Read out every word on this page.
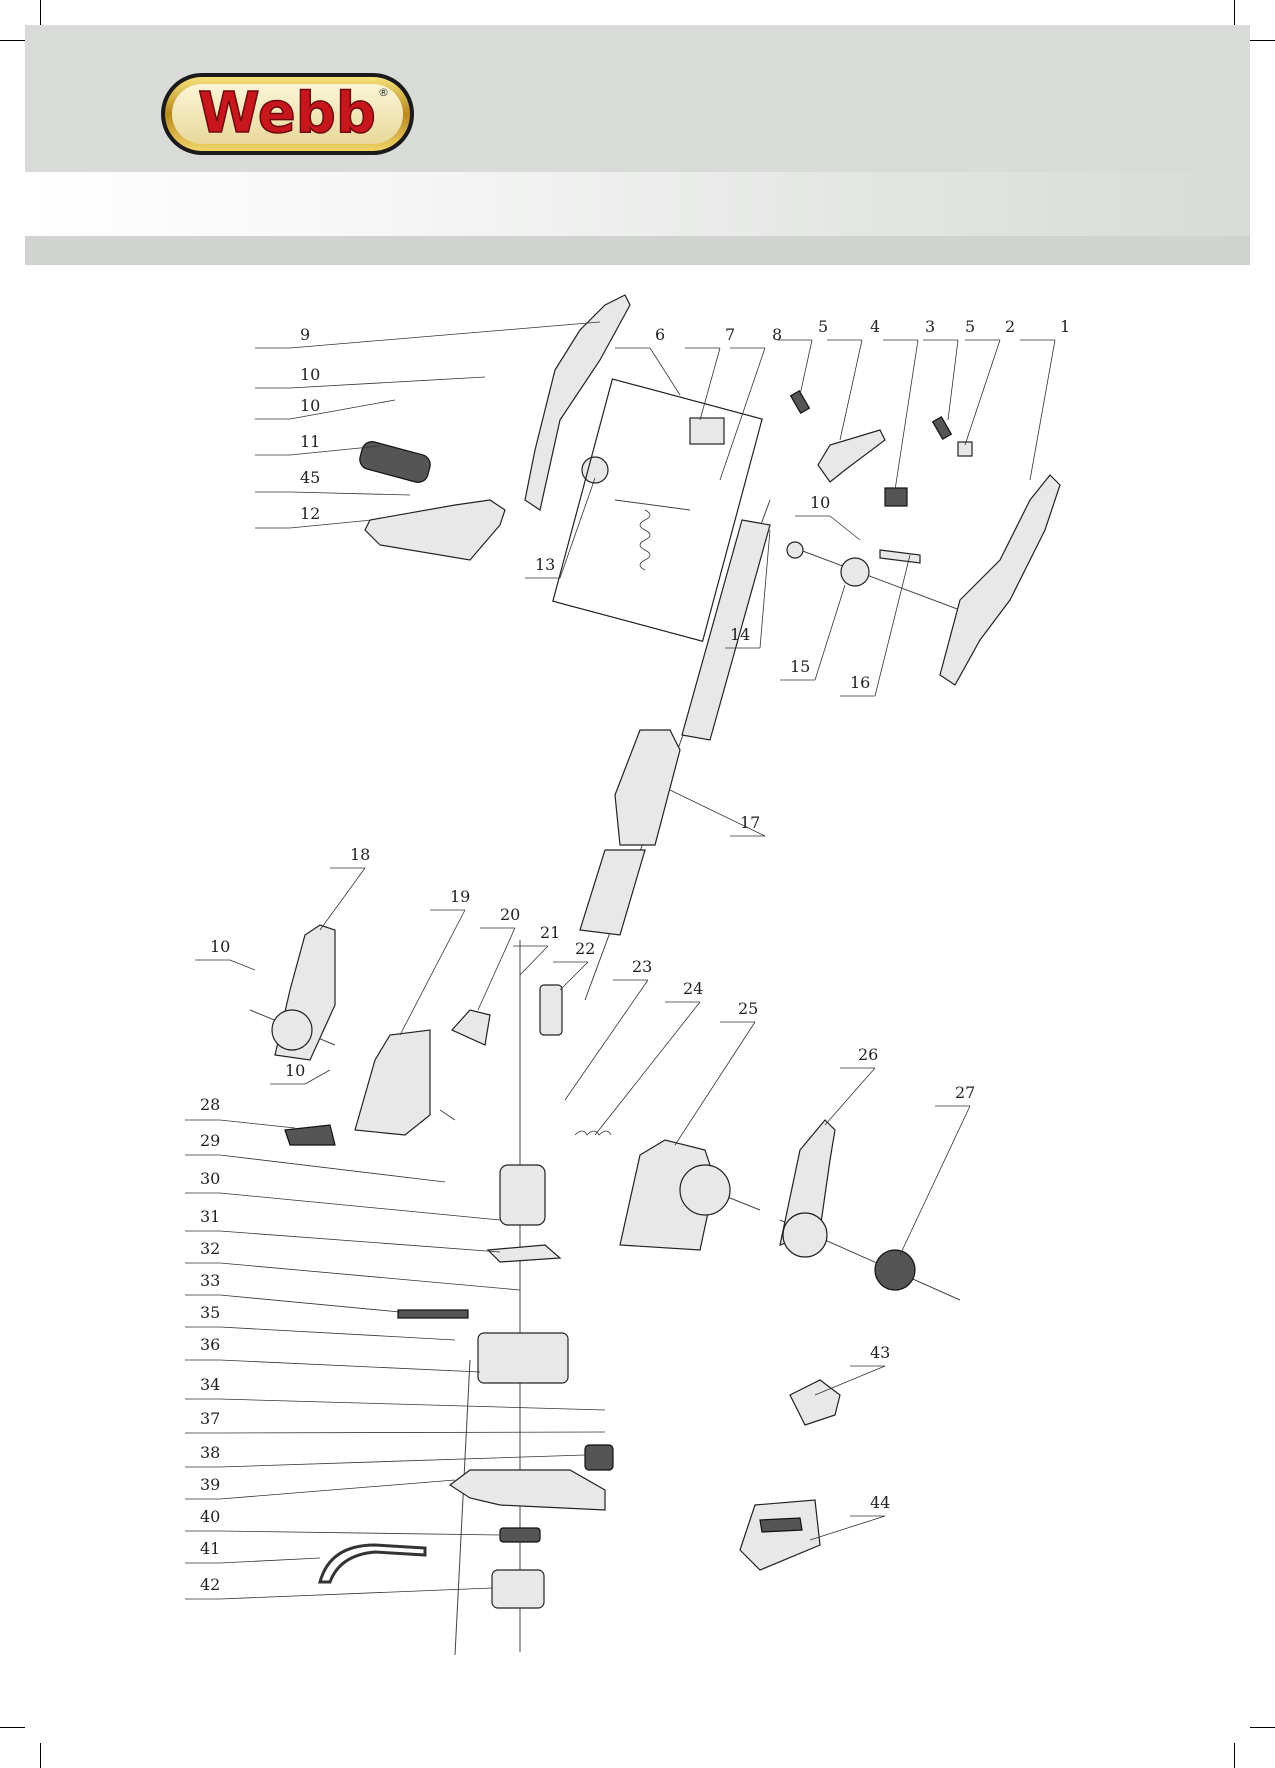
Webb ®
9
10
10
11
45
12
6	7 8 5	4	3 5 2	1
13
10
14
15
16
17
18
19
20
21
22
23
24
25
10
10
26
27
28
29
30
31
32
33
35
36
34
37
38
39
40
41
42
43
44
